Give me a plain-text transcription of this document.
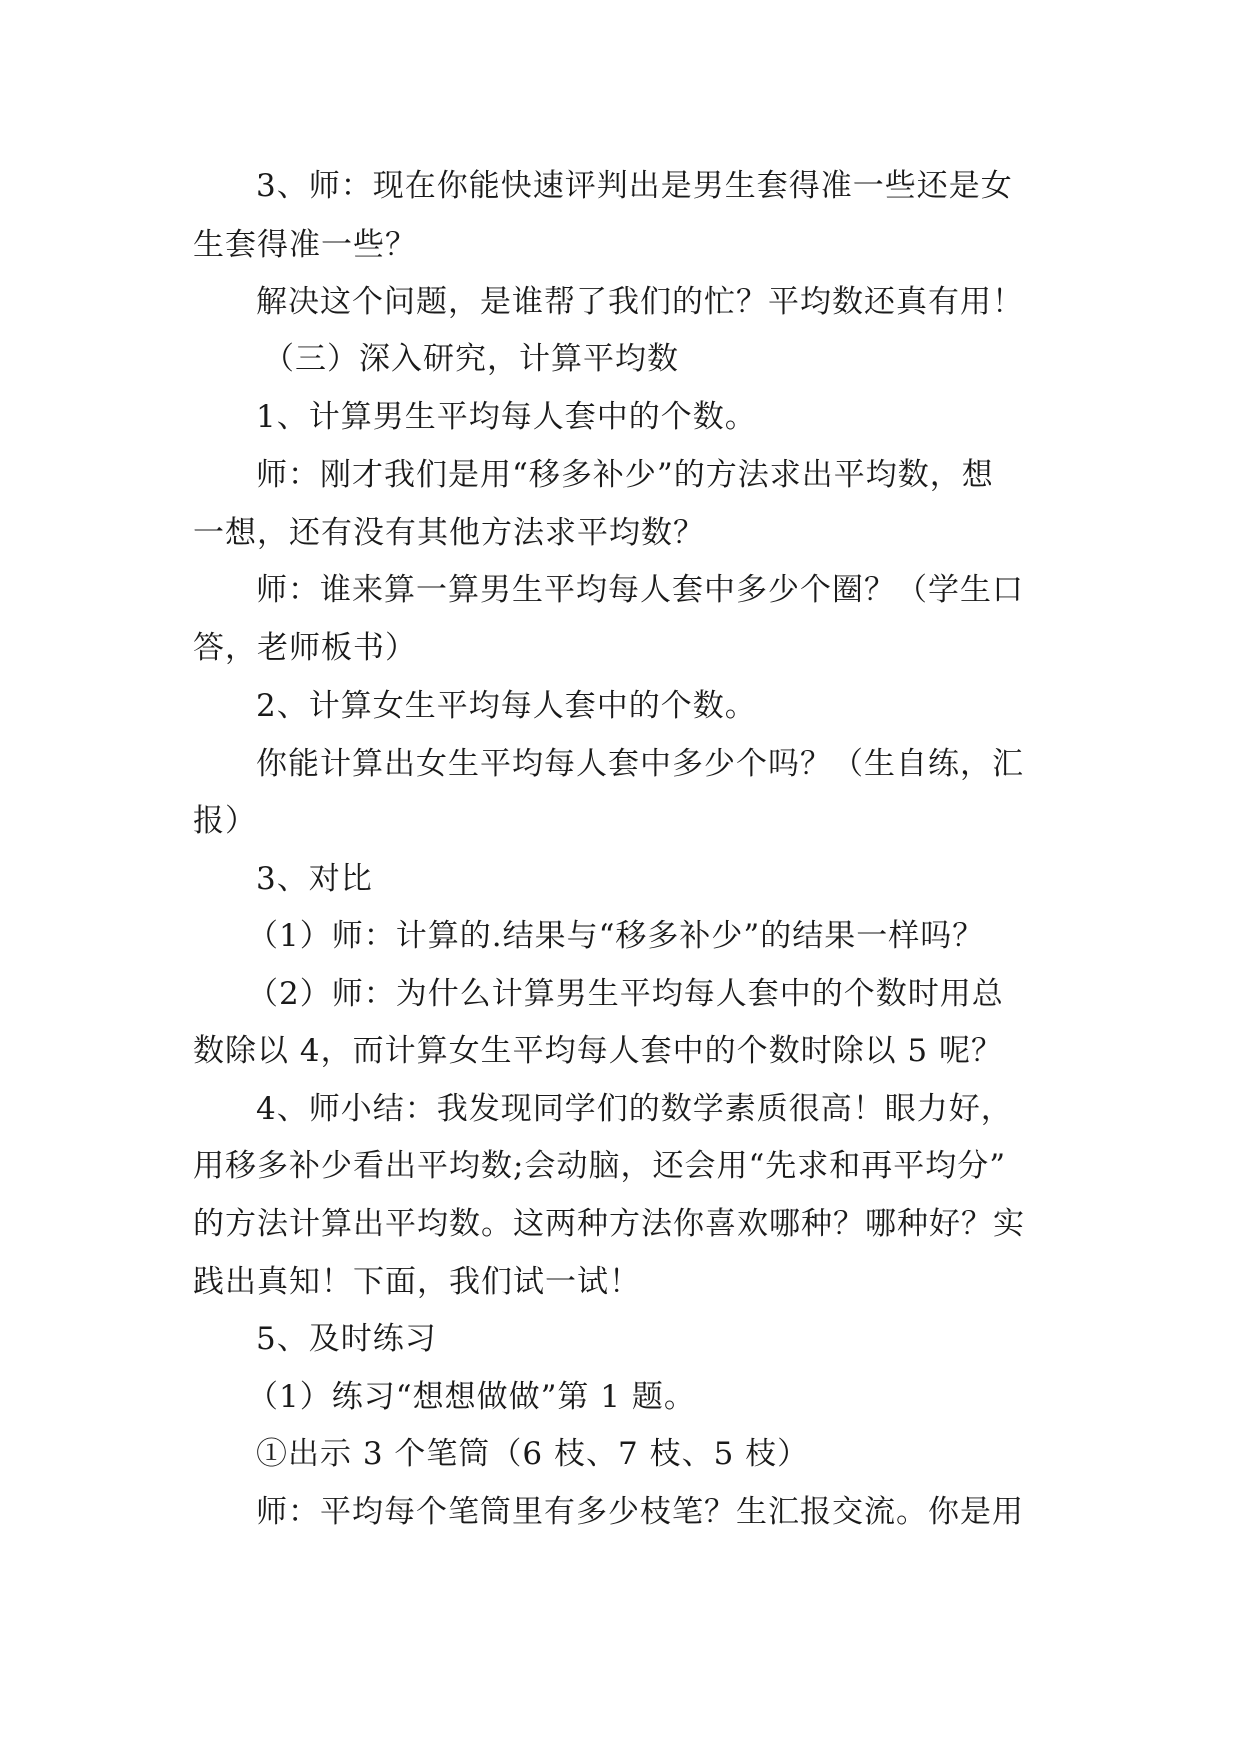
3、师：现在你能快速评判出是男生套得准一些还是女
生套得准一些？
解决这个问题，是谁帮了我们的忙？平均数还真有用！
（三）深入研究，计算平均数
1、计算男生平均每人套中的个数。
师：刚才我们是用“移多补少”的方法求出平均数，想
一想，还有没有其他方法求平均数？
师：谁来算一算男生平均每人套中多少个圈？（学生口
答，老师板书）
2、计算女生平均每人套中的个数。
你能计算出女生平均每人套中多少个吗？（生自练，汇
报）
3、对比
（1）师：计算的.结果与“移多补少”的结果一样吗？
（2）师：为什么计算男生平均每人套中的个数时用总
数除以 4，而计算女生平均每人套中的个数时除以 5 呢？
4、师小结：我发现同学们的数学素质很高！眼力好，
用移多补少看出平均数;会动脑，还会用“先求和再平均分”
的方法计算出平均数。这两种方法你喜欢哪种？哪种好？实
践出真知！下面，我们试一试！
5、及时练习
（1）练习“想想做做”第 1 题。
①出示 3 个笔筒（6 枝、7 枝、5 枝）
师：平均每个笔筒里有多少枝笔？生汇报交流。你是用
